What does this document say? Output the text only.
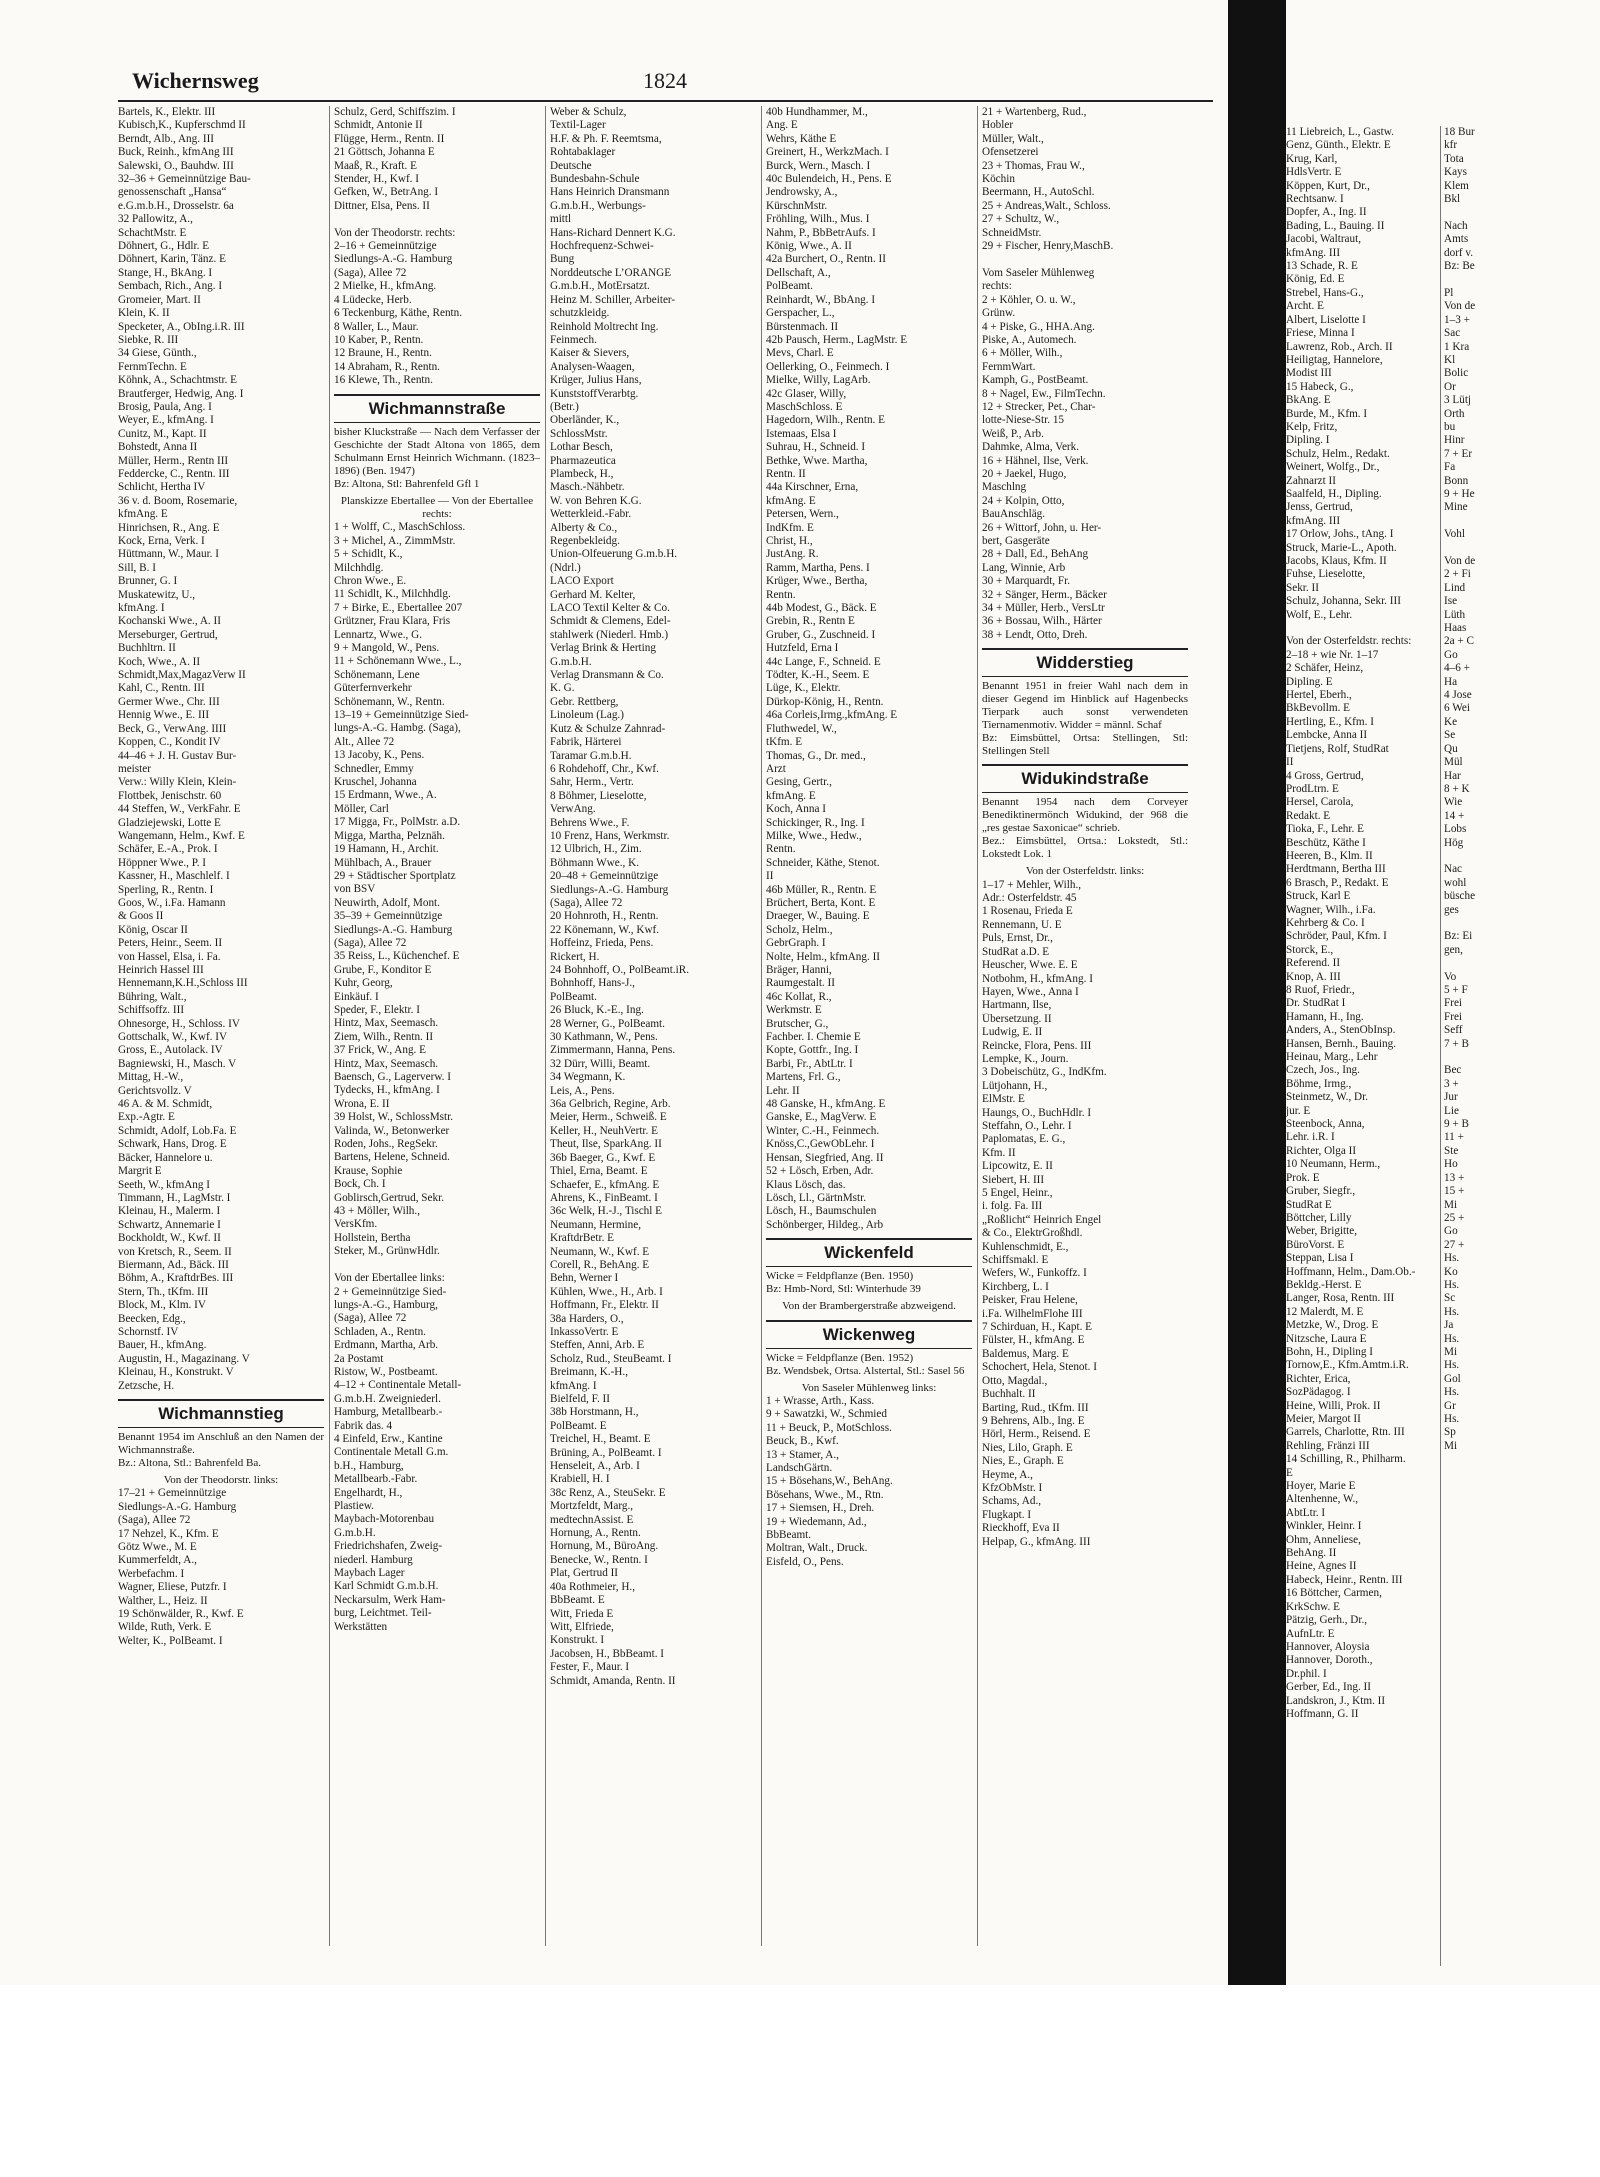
Wichernsweg	1824
Bartels, K., Elektr. III
Kubisch,K., Kupferschmd II
Berndt, Alb., Ang. III
Buck, Reinh., kfmAng III
Salewski, O., Bauhdw. III
32–36 + Gemeinnützige Bau-
genossenschaft „Hansa“
e.G.m.b.H., Drosselstr. 6a
32 Pallowitz, A.,
SchachtMstr. E
Döhnert, G., Hdlr. E
Döhnert, Karin, Tänz. E
Stange, H., BkAng. I
Sembach, Rich., Ang. I
Gromeier, Mart. II
Klein, K. II
Specketer, A., ObIng.i.R. III
Siebke, R. III
34 Giese, Günth.,
FernmTechn. E
Köhnk, A., Schachtmstr. E
Brautferger, Hedwig, Ang. I
Brosig, Paula, Ang. I
Weyer, E., kfmAng. I
Cunitz, M., Kapt. II
Bohstedt, Anna II
Müller, Herm., Rentn III
Feddercke, C., Rentn. III
Schlicht, Hertha IV
36 v. d. Boom, Rosemarie,
kfmAng. E
Hinrichsen, R., Ang. E
Kock, Erna, Verk. I
Hüttmann, W., Maur. I
Sill, B. I
Brunner, G. I
Muskatewitz, U.,
kfmAng. I
Kochanski Wwe., A. II
Merseburger, Gertrud,
Buchhltrn. II
Koch, Wwe., A. II
Schmidt,Max,MagazVerw II
Kahl, C., Rentn. III
Germer Wwe., Chr. III
Hennig Wwe., E. III
Beck, G., VerwAng. IIII
Koppen, C., Kondit IV
44–46 + J. H. Gustav Bur-
meister
Verw.: Willy Klein, Klein-
Flottbek, Jenischstr. 60
44 Steffen, W., VerkFahr. E
Gladziejewski, Lotte E
Wangemann, Helm., Kwf. E
Schäfer, E.-A., Prok. I
Höppner Wwe., P. I
Kassner, H., Maschlelf. I
Sperling, R., Rentn. I
Goos, W., i.Fa. Hamann
& Goos II
König, Oscar II
Peters, Heinr., Seem. II
von Hassel, Elsa, i. Fa.
Heinrich Hassel III
Hennemann,K.H.,Schloss III
Bühring, Walt.,
Schiffsoffz. III
Ohnesorge, H., Schloss. IV
Gottschalk, W., Kwf. IV
Gross, E., Autolack. IV
Bagniewski, H., Masch. V
Mittag, H.-W.,
Gerichtsvollz. V
46 A. & M. Schmidt,
Exp.-Agtr. E
Schmidt, Adolf, Lob.Fa. E
Schwark, Hans, Drog. E
Bäcker, Hannelore u.
Margrit E
Seeth, W., kfmAng I
Timmann, H., LagMstr. I
Kleinau, H., Malerm. I
Schwartz, Annemarie I
Bockholdt, W., Kwf. II
von Kretsch, R., Seem. II
Biermann, Ad., Bäck. III
Böhm, A., KraftdrBes. III
Stern, Th., tKfm. III
Block, M., Klm. IV
Beecken, Edg.,
Schornstf. IV
Bauer, H., kfmAng.
Augustin, H., Magazinang. V
Kleinau, H., Konstrukt. V
Zetzsche, H.
Wichmannstieg
Benannt 1954 im Anschluß an den Namen der Wichmannstraße.
Bz.: Altona, Stl.: Bahrenfeld Ba.
Von der Theodorstr. links:
17–21 + Gemeinnützige
Siedlungs-A.-G. Hamburg
(Saga), Allee 72
17 Nehzel, K., Kfm. E
Götz Wwe., M. E
Kummerfeldt, A.,
Werbefachm. I
Wagner, Eliese, Putzfr. I
Walther, L., Heiz. II
19 Schönwälder, R., Kwf. E
Wilde, Ruth, Verk. E
Welter, K., PolBeamt. I
Schulz, Gerd, Schiffszim. I
Schmidt, Antonie II
Flügge, Herm., Rentn. II
21 Göttsch, Johanna E
Maaß, R., Kraft. E
Stender, H., Kwf. I
Gefken, W., BetrAng. I
Dittner, Elsa, Pens. II

Von der Theodorstr. rechts:
2–16 + Gemeinnützige
Siedlungs-A.-G. Hamburg
(Saga), Allee 72
2 Mielke, H., kfmAng.
4 Lüdecke, Herb.
6 Teckenburg, Käthe, Rentn.
8 Waller, L., Maur.
10 Kaber, P., Rentn.
12 Braune, H., Rentn.
14 Abraham, R., Rentn.
16 Klewe, Th., Rentn.
Wichmannstraße
bisher Kluckstraße — Nach dem Verfasser der Geschichte der Stadt Altona von 1865, dem Schulmann Ernst Heinrich Wichmann. (1823–1896) (Ben. 1947)
Bz: Altona, Stl: Bahrenfeld Gfl 1
Planskizze Ebertallee — Von der Ebertallee rechts:
1 + Wolff, C., MaschSchloss.
3 + Michel, A., ZimmMstr.
5 + Schidlt, K.,
Milchhdlg.
Chron Wwe., E.
11 Schidlt, K., Milchhdlg.
7 + Birke, E., Ebertallee 207
Grützner, Frau Klara, Fris
Lennartz, Wwe., G.
9 + Mangold, W., Pens.
11 + Schönemann Wwe., L.,
Schönemann, Lene
Güterfernverkehr
Schönemann, W., Rentn.
13–19 + Gemeinnützige Sied-
lungs-A.-G. Hambg. (Saga),
Alt., Allee 72
13 Jacoby, K., Pens.
Schnedler, Emmy
Kruschel, Johanna
15 Erdmann, Wwe., A.
Möller, Carl
17 Migga, Fr., PolMstr. a.D.
Migga, Martha, Pelznäh.
19 Hamann, H., Archit.
Mühlbach, A., Brauer
29 + Städtischer Sportplatz
von BSV
Neuwirth, Adolf, Mont.
35–39 + Gemeinnützige
Siedlungs-A.-G. Hamburg
(Saga), Allee 72
35 Reiss, L., Küchenchef. E
Grube, F., Konditor E
Kuhr, Georg,
Einkäuf. I
Speder, F., Elektr. I
Hintz, Max, Seemasch.
Ziem, Wilh., Rentn. II
37 Frick, W., Ang. E
Hintz, Max, Seemasch.
Baensch, G., Lagerverw. I
Tydecks, H., kfmAng. I
Wrona, E. II
39 Holst, W., SchlossMstr.
Valinda, W., Betonwerker
Roden, Johs., RegSekr.
Bartens, Helene, Schneid.
Krause, Sophie
Bock, Ch. I
Goblirsch,Gertrud, Sekr.
43 + Möller, Wilh.,
VersKfm.
Hollstein, Bertha
Steker, M., GrünwHdlr.

Von der Ebertallee links:
2 + Gemeinnützige Sied-
lungs-A.-G., Hamburg,
(Saga), Allee 72
Schladen, A., Rentn.
Erdmann, Martha, Arb.
2a Postamt
Ristow, W., Postbeamt.
4–12 + Continentale Metall-
G.m.b.H. Zweigniederl.
Hamburg, Metallbearb.-
Fabrik das. 4
4 Einfeld, Erw., Kantine
Continentale Metall G.m.
b.H., Hamburg,
Metallbearb.-Fabr.
Engelhardt, H.,
Plastiew.
Maybach-Motorenbau
G.m.b.H.
Friedrichshafen, Zweig-
niederl. Hamburg
Maybach Lager
Karl Schmidt G.m.b.H.
Neckarsulm, Werk Ham-
burg, Leichtmet. Teil-
Werkstätten
Weber & Schulz,
Textil-Lager
H.F. & Ph. F. Reemtsma,
Rohtabaklager
Deutsche
Bundesbahn-Schule
Hans Heinrich Dransmann
G.m.b.H., Werbungs-
mittl
Hans-Richard Dennert K.G.
Hochfrequenz-Schwei-
Bung
Norddeutsche L’ORANGE
G.m.b.H., MotErsatzt.
Heinz M. Schiller, Arbeiter-
schutzkleidg.
Reinhold Moltrecht Ing.
Feinmech.
Kaiser & Sievers,
Analysen-Waagen,
Krüger, Julius Hans,
KunststoffVerarbtg.
(Betr.)
Oberländer, K.,
SchlossMstr.
Lothar Besch,
Pharmazeutica
Plambeck, H.,
Masch.-Nähbetr.
W. von Behren K.G.
Wetterkleid.-Fabr.
Alberty & Co.,
Regenbekleidg.
Union-Olfeuerung G.m.b.H.
(Ndrl.)
LACO Export
Gerhard M. Kelter,
LACO Textil Kelter & Co.
Schmidt & Clemens, Edel-
stahlwerk (Niederl. Hmb.)
Verlag Brink & Herting
G.m.b.H.
Verlag Dransmann & Co.
K. G.
Gebr. Rettberg,
Linoleum (Lag.)
Kutz & Schulze Zahnrad-
Fabrik, Härterei
Taramar G.m.b.H.
6 Rohdehoff, Chr., Kwf.
Sahr, Herm., Vertr.
8 Böhmer, Lieselotte,
VerwAng.
Behrens Wwe., F.
10 Frenz, Hans, Werkmstr.
12 Ulbrich, H., Zim.
Böhmann Wwe., K.
20–48 + Gemeinnützige
Siedlungs-A.-G. Hamburg
(Saga), Allee 72
20 Hohnroth, H., Rentn.
22 Könemann, W., Kwf.
Hoffeinz, Frieda, Pens.
Rickert, H.
24 Bohnhoff, O., PolBeamt.iR.
Bohnhoff, Hans-J.,
PolBeamt.
26 Bluck, K.-E., Ing.
28 Werner, G., PolBeamt.
30 Kathmann, W., Pens.
Zimmermann, Hanna, Pens.
32 Dürr, Willi, Beamt.
34 Wegmann, K.
Leis, A., Pens.
36a Gelbrich, Regine, Arb.
Meier, Herm., Schweiß. E
Keller, H., NeuhVertr. E
Theut, Ilse, SparkAng. II
36b Baeger, G., Kwf. E
Thiel, Erna, Beamt. E
Schaefer, E., kfmAng. E
Ahrens, K., FinBeamt. I
36c Welk, H.-J., Tischl E
Neumann, Hermine,
KraftdrBetr. E
Neumann, W., Kwf. E
Corell, R., BehAng. E
Behn, Werner I
Kühlen, Wwe., H., Arb. I
Hoffmann, Fr., Elektr. II
38a Harders, O.,
InkassoVertr. E
Steffen, Anni, Arb. E
Scholz, Rud., SteuBeamt. I
Breimann, K.-H.,
kfmAng. I
Bielfeld, F. II
38b Horstmann, H.,
PolBeamt. E
Treichel, H., Beamt. E
Brüning, A., PolBeamt. I
Henseleit, A., Arb. I
Krabiell, H. I
38c Renz, A., SteuSekr. E
Mortzfeldt, Marg.,
medtechnAssist. E
Hornung, A., Rentn.
Hornung, M., BüroAng.
Benecke, W., Rentn. I
Plat, Gertrud II
40a Rothmeier, H.,
BbBeamt. E
Witt, Frieda E
Witt, Elfriede,
Konstrukt. I
Jacobsen, H., BbBeamt. I
Fester, F., Maur. I
Schmidt, Amanda, Rentn. II
40b Hundhammer, M.,
Ang. E
Wehrs, Käthe E
Greinert, H., WerkzMach. I
Burck, Wern., Masch. I
40c Bulendeich, H., Pens. E
Jendrowsky, A.,
KürschnMstr.
Fröhling, Wilh., Mus. I
Nahm, P., BbBetrAufs. I
König, Wwe., A. II
42a Burchert, O., Rentn. II
Dellschaft, A.,
PolBeamt.
Reinhardt, W., BbAng. I
Gerspacher, L.,
Bürstenmach. II
42b Pausch, Herm., LagMstr. E
Mevs, Charl. E
Oellerking, O., Feinmech. I
Mielke, Willy, LagArb.
42c Glaser, Willy,
MaschSchloss. E
Hagedorn, Wilh., Rentn. E
Istemaas, Elsa I
Suhrau, H., Schneid. I
Bethke, Wwe. Martha,
Rentn. II
44a Kirschner, Erna,
kfmAng. E
Petersen, Wern.,
IndKfm. E
Christ, H.,
JustAng. R.
Ramm, Martha, Pens. I
Krüger, Wwe., Bertha,
Rentn.
44b Modest, G., Bäck. E
Grebin, R., Rentn E
Gruber, G., Zuschneid. I
Hutzfeld, Erna I
44c Lange, F., Schneid. E
Tödter, K.-H., Seem. E
Lüge, K., Elektr.
Dürkop-König, H., Rentn.
46a Corleis,Irmg.,kfmAng. E
Fluthwedel, W.,
tKfm. E
Thomas, G., Dr. med.,
Arzt
Gesing, Gertr.,
kfmAng. E
Koch, Anna I
Schickinger, R., Ing. I
Milke, Wwe., Hedw.,
Rentn.
Schneider, Käthe, Stenot.
II
46b Müller, R., Rentn. E
Brüchert, Berta, Kont. E
Draeger, W., Bauing. E
Scholz, Helm.,
GebrGraph. I
Nolte, Helm., kfmAng. II
Bräger, Hanni,
Raumgestalt. II
46c Kollat, R.,
Werkmstr. E
Brutscher, G.,
Fachber. I. Chemie E
Kopte, Gottfr., Ing. I
Barbi, Fr., AbtLtr. I
Martens, Frl. G.,
Lehr. II
48 Ganske, H., kfmAng. E
Ganske, E., MagVerw. E
Winter, C.-H., Feinmech.
Knöss,C.,GewObLehr. I
Hensan, Siegfried, Ang. II
52 + Lösch, Erben, Adr.
Klaus Lösch, das.
Lösch, Ll., GärtnMstr.
Lösch, H., Baumschulen
Schönberger, Hildeg., Arb
Wickenfeld
Wicke = Feldpflanze (Ben. 1950)
Bz: Hmb-Nord, Stl: Winterhude 39
Von der Brambergerstraße abzweigend.
Wickenweg
Wicke = Feldpflanze (Ben. 1952)
Bz. Wendsbek, Ortsa. Alstertal, Stl.: Sasel 56
Von Saseler Mühlenweg links:
1 + Wrasse, Arth., Kass.
9 + Sawatzki, W., Schmied
11 + Beuck, P., MotSchloss.
Beuck, B., Kwf.
13 + Stamer, A.,
LandschGärtn.
15 + Bösehans,W., BehAng.
Bösehans, Wwe., M., Rtn.
17 + Siemsen, H., Dreh.
19 + Wiedemann, Ad.,
BbBeamt.
Moltran, Walt., Druck.
Eisfeld, O., Pens.
21 + Wartenberg, Rud.,
Hobler
Müller, Walt.,
Ofensetzerei
23 + Thomas, Frau W.,
Köchin
Beermann, H., AutoSchl.
25 + Andreas,Walt., Schloss.
27 + Schultz, W.,
SchneidMstr.
29 + Fischer, Henry,MaschB.

Vom Saseler Mühlenweg
rechts:
2 + Köhler, O. u. W.,
Grünw.
4 + Piske, G., HHA.Ang.
Piske, A., Automech.
6 + Möller, Wilh.,
FernmWart.
Kamph, G., PostBeamt.
8 + Nagel, Ew., FilmTechn.
12 + Strecker, Pet., Char-
lotte-Niese-Str. 15
Weiß, P., Arb.
Dahmke, Alma, Verk.
16 + Hähnel, Ilse, Verk.
20 + Jaekel, Hugo,
Maschlng
24 + Kolpin, Otto,
BauAnschläg.
26 + Wittorf, John, u. Her-
bert, Gasgeräte
28 + Dall, Ed., BehAng
Lang, Winnie, Arb
30 + Marquardt, Fr.
32 + Sänger, Herm., Bäcker
34 + Müller, Herb., VersLtr
36 + Bossau, Wilh., Härter
38 + Lendt, Otto, Dreh.
Widderstieg
Benannt 1951 in freier Wahl nach dem in dieser Gegend im Hinblick auf Hagenbecks Tierpark auch sonst verwendeten Tiernamenmotiv. Widder = männl. Schaf
Bz: Eimsbüttel, Ortsa: Stellingen, Stl: Stellingen Stell
Widukindstraße
Benannt 1954 nach dem Corveyer Benediktinermönch Widukind, der 968 die „res gestae Saxonicae“ schrieb.
Bez.: Eimsbüttel, Ortsa.: Lokstedt, Stl.: Lokstedt Lok. 1
Von der Osterfeldstr. links:
1–17 + Mehler, Wilh.,
Adr.: Osterfeldstr. 45
1 Rosenau, Frieda E
Rennemann, U. E
Puls, Ernst, Dr.,
StudRat a.D. E
Heuscher, Wwe. E. E
Notbohm, H., kfmAng. I
Hayen, Wwe., Anna I
Hartmann, Ilse,
Übersetzung. II
Ludwig, E. II
Reincke, Flora, Pens. III
Lempke, K., Journ.
3 Dobeischütz, G., IndKfm.
Lütjohann, H.,
ElMstr. E
Haungs, O., BuchHdlr. I
Steffahn, O., Lehr. I
Paplomatas, E. G.,
Kfm. II
Lipcowitz, E. II
Siebert, H. III
5 Engel, Heinr.,
i. folg. Fa. III
„Roßlicht“ Heinrich Engel
& Co., ElektrGroßhdl.
Kuhlenschmidt, E.,
Schiffsmakl. E
Wefers, W., Funkoffz. I
Kirchberg, L. I
Peisker, Frau Helene,
i.Fa. WilhelmFlohe III
7 Schirduan, H., Kapt. E
Fülster, H., kfmAng. E
Baldemus, Marg. E
Schochert, Hela, Stenot. I
Otto, Magdal.,
Buchhalt. II
Barting, Rud., tKfm. III
9 Behrens, Alb., Ing. E
Hörl, Herm., Reisend. E
Nies, Lilo, Graph. E
Nies, E., Graph. E
Heyme, A.,
KfzObMstr. I
Schams, Ad.,
Flugkapt. I
Rieckhoff, Eva II
Helpap, G., kfmAng. III
11 Liebreich, L., Gastw.
Genz, Günth., Elektr. E
Krug, Karl,
HdlsVertr. E
Köppen, Kurt, Dr.,
Rechtsanw. I
Dopfer, A., Ing. II
Bading, L., Bauing. II
Jacobi, Waltraut,
kfmAng. III
13 Schade, R. E
König, Ed. E
Strebel, Hans-G.,
Archt. E
Albert, Liselotte I
Friese, Minna I
Lawrenz, Rob., Arch. II
Heiligtag, Hannelore,
Modist III
15 Habeck, G.,
BkAng. E
Burde, M., Kfm. I
Kelp, Fritz,
Dipling. I
Schulz, Helm., Redakt.
Weinert, Wolfg., Dr.,
Zahnarzt II
Saalfeld, H., Dipling.
Jenss, Gertrud,
kfmAng. III
17 Orlow, Johs., tAng. I
Struck, Marie-L., Apoth.
Jacobs, Klaus, Kfm. II
Fuhse, Lieselotte,
Sekr. II
Schulz, Johanna, Sekr. III
Wolf, E., Lehr.

Von der Osterfeldstr. rechts:
2–18 + wie Nr. 1–17
2 Schäfer, Heinz,
Dipling. E
Hertel, Eberh.,
BkBevollm. E
Hertling, E., Kfm. I
Lembcke, Anna II
Tietjens, Rolf, StudRat
II
4 Gross, Gertrud,
ProdLtrn. E
Hersel, Carola,
Redakt. E
Tioka, F., Lehr. E
Beschütz, Käthe I
Heeren, B., Klm. II
Herdtmann, Bertha III
6 Brasch, P., Redakt. E
Struck, Karl E
Wagner, Wilh., i.Fa.
Kehrberg & Co. I
Schröder, Paul, Kfm. I
Storck, E.,
Referend. II
Knop, A. III
8 Ruof, Friedr.,
Dr. StudRat I
Hamann, H., Ing.
Anders, A., StenObInsp.
Hansen, Bernh., Bauing.
Heinau, Marg., Lehr
Czech, Jos., Ing.
Böhme, Irmg.,
Steinmetz, W., Dr.
jur. E
Steenbock, Anna,
Lehr. i.R. I
Richter, Olga II
10 Neumann, Herm.,
Prok. E
Gruber, Siegfr.,
StudRat E
Böttcher, Lilly
Weber, Brigitte,
BüroVorst. E
Steppan, Lisa I
Hoffmann, Helm., Dam.Ob.-
Bekldg.-Herst. E
Langer, Rosa, Rentn. III
12 Malerdt, M. E
Metzke, W., Drog. E
Nitzsche, Laura E
Bohn, H., Dipling I
Tornow,E., Kfm.Amtm.i.R.
Richter, Erica,
SozPädagog. I
Heine, Willi, Prok. II
Meier, Margot II
Garrels, Charlotte, Rtn. III
Rehling, Fränzi III
14 Schilling, R., Philharm.
E
Hoyer, Marie E
Altenhenne, W.,
AbtLtr. I
Winkler, Heinr. I
Ohm, Anneliese,
BehAng. II
Heine, Agnes II
Habeck, Heinr., Rentn. III
16 Böttcher, Carmen,
KrkSchw. E
Pätzig, Gerh., Dr.,
AufnLtr. E
Hannover, Aloysia
Hannover, Doroth.,
Dr.phil. I
Gerber, Ed., Ing. II
Landskron, J., Ktm. II
Hoffmann, G. II
18 Bur
kfr
Tota
Kays
Klem
Bkl

Nach
Amts
dorf v.
Bz: Be

Pl
Von de
1–3 +
Sac
1 Kra
Kl
Bolic
Or
3 Lütj
Orth
bu
Hinr
7 + Er
Fa
Bonn
9 + He
Mine

Vohl

Von de
2 + Fi
Lind
Ise
Lüth
Haas
2a + C
Go
4–6 +
Ha
4 Jose
6 Wei
Ke
Se
Qu
Mül
Har
8 + K
Wie
14 +
Lobs
Hög

Nac
wohl
büsche
ges

Bz: Ei
gen,

Vo
5 + F
Frei
Frei
Seff
7 + B

Bec
3 +
Jur
Lie
9 + B
11 +
Ste
Ho
13 +
15 +
Mi
25 +
Go
27 +
Hs.
Ko
Hs.
Sc
Hs.
Ja
Hs.
Mi
Hs.
Gol
Hs.
Gr
Hs.
Sp
Mi
